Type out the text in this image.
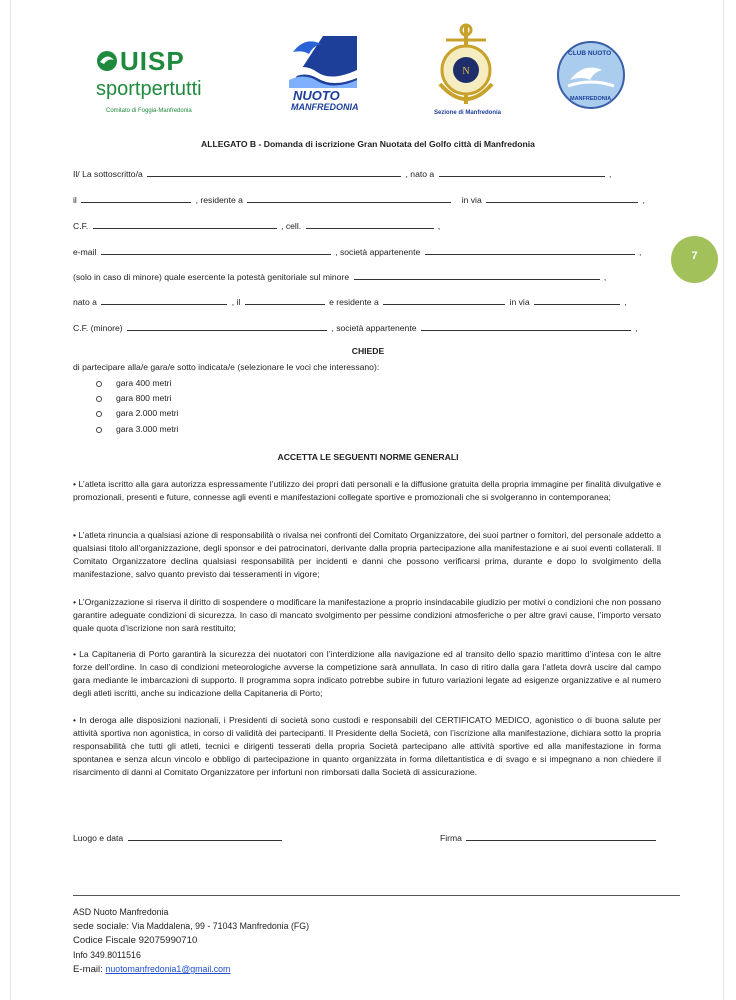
UISP
sportpertutti
Comitato di Foggia-Manfredonia
NUOTO
MANFREDONIA
N
Sezione di Manfredonia
CLUB NUOTO
MANFREDONIA
ALLEGATO B - Domanda di iscrizione Gran Nuotata del Golfo città di Manfredonia
Il/ La sottoscritto/a	, nato a	,
il	, residente a	in via	,
C.F.	, cell.	,
e-mail	, società appartenente	,
(solo in caso di minore) quale esercente la potestà genitoriale sul minore	,
nato a	, il	e residente a	in via	,
C.F. (minore)	, società appartenente	,
7
CHIEDE
di partecipare alla/e gara/e sotto indicata/e (selezionare le voci che interessano):
gara 400 metri
gara 800 metri
gara 2.000 metri
gara 3.000 metri
ACCETTA LE SEGUENTI NORME GENERALI
• L’atleta iscritto alla gara autorizza espressamente l’utilizzo dei propri dati personali e la diffusione gratuita della propria immagine per finalità divulgative e promozionali, presenti e future, connesse agli eventi e manifestazioni collegate sportive e promozionali che si svolgeranno in contemporanea;
• L’atleta rinuncia a qualsiasi azione di responsabilità o rivalsa nei confronti del Comitato Organizzatore, dei suoi partner o fornitori, del personale addetto a qualsiasi titolo all’organizzazione, degli sponsor e dei patrocinatori, derivante dalla propria partecipazione alla manifestazione e ai suoi eventi collaterali. Il Comitato Organizzatore declina qualsiasi responsabilità per incidenti e danni che possono verificarsi prima, durante e dopo lo svolgimento della manifestazione, salvo quanto previsto dai tesseramenti in vigore;
• L’Organizzazione si riserva il diritto di sospendere o modificare la manifestazione a proprio insindacabile giudizio per motivi o condizioni che non possano garantire adeguate condizioni di sicurezza. In caso di mancato svolgimento per pessime condizioni atmosferiche o per altre gravi cause, l’importo versato quale quota d’iscrizione non sarà restituito;
• La Capitaneria di Porto garantirà la sicurezza dei nuotatori con l’interdizione alla navigazione ed al transito dello spazio marittimo d’intesa con le altre forze dell’ordine. In caso di condizioni meteorologiche avverse la competizione sarà annullata. In caso di ritiro dalla gara l’atleta dovrà uscire dal campo gara mediante le imbarcazioni di supporto. Il programma sopra indicato potrebbe subire in futuro variazioni legate ad esigenze organizzative e al numero degli atleti iscritti, anche su indicazione della Capitaneria di Porto;
• In deroga alle disposizioni nazionali, i Presidenti di società sono custodi e responsabili del CERTIFICATO MEDICO, agonistico o di buona salute per attività sportiva non agonistica, in corso di validità dei partecipanti. Il Presidente della Società, con l’iscrizione alla manifestazione, dichiara sotto la propria responsabilità che tutti gli atleti, tecnici e dirigenti tesserati della propria Società partecipano alle attività sportive ed alla manifestazione in forma spontanea e senza alcun vincolo e obbligo di partecipazione in quanto organizzata in forma dilettantistica e di svago e si impegnano a non chiedere il risarcimento di danni al Comitato Organizzatore per infortuni non rimborsati dalla Società di assicurazione.
Luogo e data	Firma
ASD Nuoto Manfredonia
sede sociale: Via Maddalena, 99 - 71043 Manfredonia (FG)
Codice Fiscale 92075990710
Info 349.8011516
E-mail: nuotomanfredonia1@gmail.com
